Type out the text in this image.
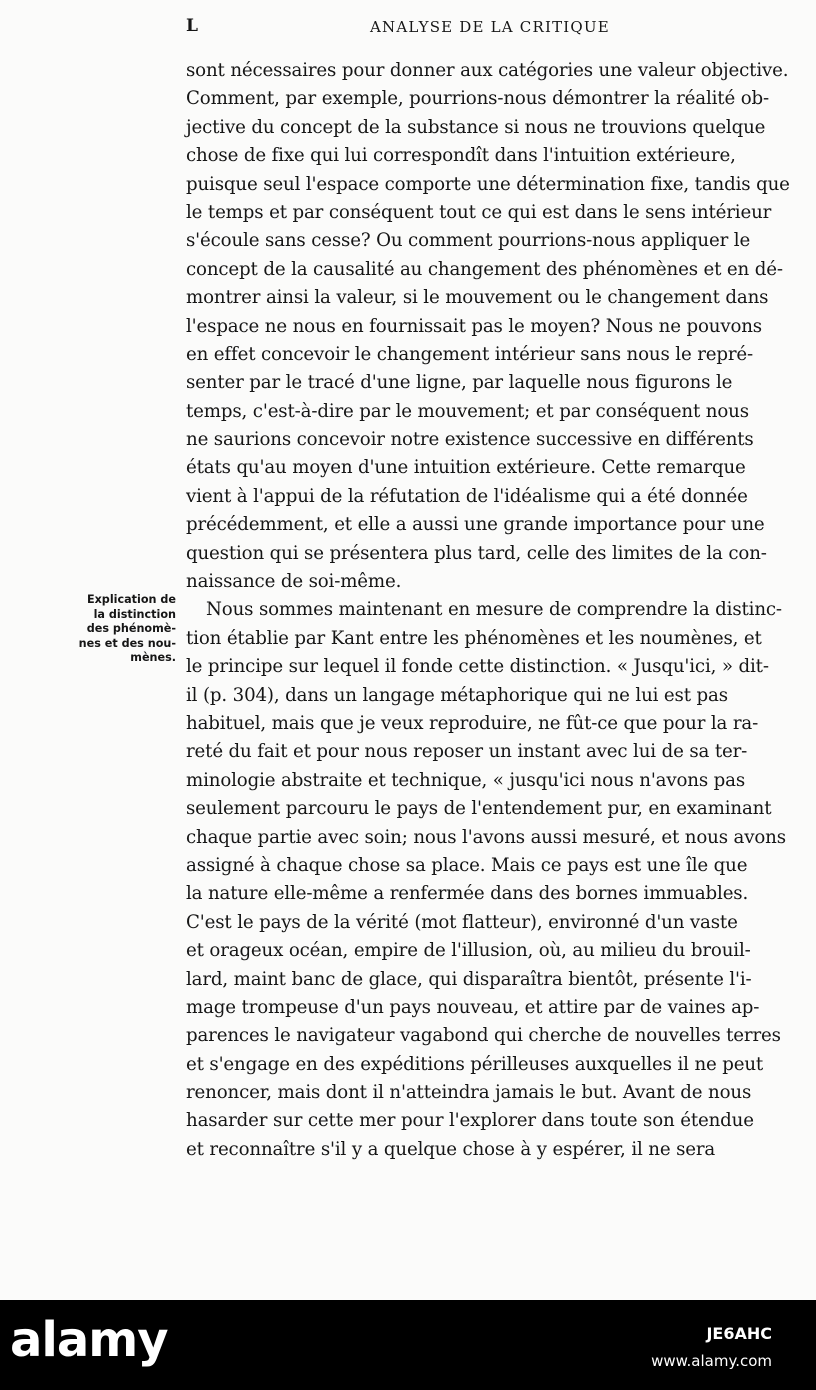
L	ANALYSE DE LA CRITIQUE
sont nécessaires pour donner aux catégories une valeur objective.
Comment, par exemple, pourrions-nous démontrer la réalité ob-
jective du concept de la substance si nous ne trouvions quelque
chose de fixe qui lui correspondît dans l'intuition extérieure,
puisque seul l'espace comporte une détermination fixe, tandis que
le temps et par conséquent tout ce qui est dans le sens intérieur
s'écoule sans cesse? Ou comment pourrions-nous appliquer le
concept de la causalité au changement des phénomènes et en dé-
montrer ainsi la valeur, si le mouvement ou le changement dans
l'espace ne nous en fournissait pas le moyen? Nous ne pouvons
en effet concevoir le changement intérieur sans nous le repré-
senter par le tracé d'une ligne, par laquelle nous figurons le
temps, c'est-à-dire par le mouvement; et par conséquent nous
ne saurions concevoir notre existence successive en différents
états qu'au moyen d'une intuition extérieure. Cette remarque
vient à l'appui de la réfutation de l'idéalisme qui a été donnée
précédemment, et elle a aussi une grande importance pour une
question qui se présentera plus tard, celle des limites de la con-
naissance de soi-même.
Nous sommes maintenant en mesure de comprendre la distinc-
tion établie par Kant entre les phénomènes et les noumènes, et
le principe sur lequel il fonde cette distinction. « Jusqu'ici, » dit-
il (p. 304), dans un langage métaphorique qui ne lui est pas
habituel, mais que je veux reproduire, ne fût-ce que pour la ra-
reté du fait et pour nous reposer un instant avec lui de sa ter-
minologie abstraite et technique, « jusqu'ici nous n'avons pas
seulement parcouru le pays de l'entendement pur, en examinant
chaque partie avec soin; nous l'avons aussi mesuré, et nous avons
assigné à chaque chose sa place. Mais ce pays est une île que
la nature elle-même a renfermée dans des bornes immuables.
C'est le pays de la vérité (mot flatteur), environné d'un vaste
et orageux océan, empire de l'illusion, où, au milieu du brouil-
lard, maint banc de glace, qui disparaîtra bientôt, présente l'i-
mage trompeuse d'un pays nouveau, et attire par de vaines ap-
parences le navigateur vagabond qui cherche de nouvelles terres
et s'engage en des expéditions périlleuses auxquelles il ne peut
renoncer, mais dont il n'atteindra jamais le but. Avant de nous
hasarder sur cette mer pour l'explorer dans toute son étendue
et reconnaître s'il y a quelque chose à y espérer, il ne sera
Explication de
la distinction
des phénomè-
nes et des nou-
mènes.
alamy	JE6AHC
www.alamy.com
